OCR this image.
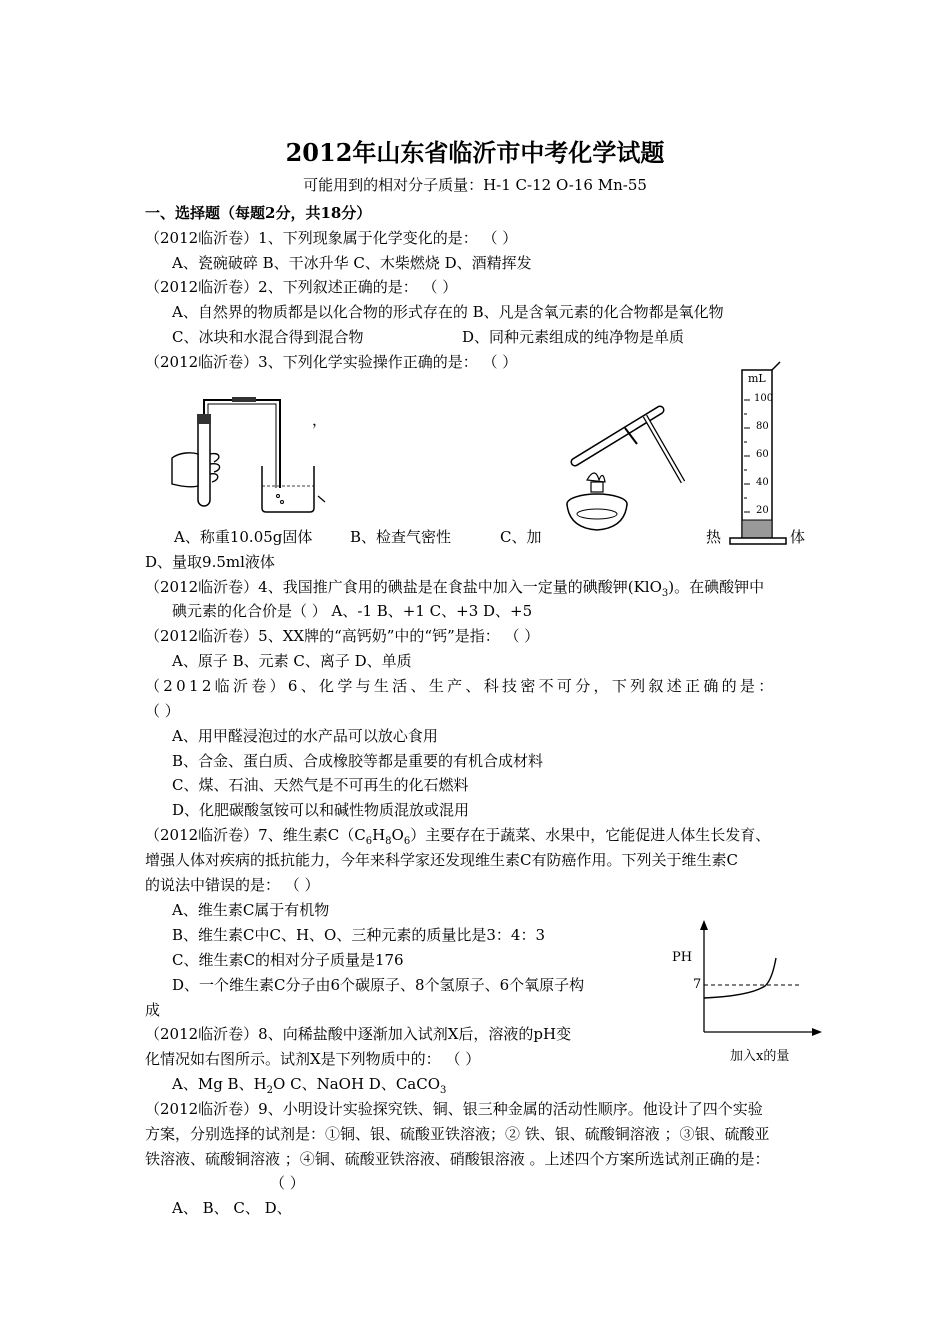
2012年山东省临沂市中考化学试题
可能用到的相对分子质量：H-1 C-12 O-16 Mn-55
一、选择题（每题2分，共18分）
（2012临沂卷）1、下列现象属于化学变化的是： （ ）
A、瓷碗破碎 B、干冰升华 C、木柴燃烧 D、酒精挥发
（2012临沂卷）2、下列叙述正确的是： （ ）
A、自然界的物质都是以化合物的形式存在的 B、凡是含氧元素的化合物都是氧化物
C、冰块和水混合得到混合物	D、同种元素组成的纯净物是单质
（2012临沂卷）3、下列化学实验操作正确的是： （ ）
，
mL
100
80
60
40
20
A、称重10.05g固体	B、检查气密性	C、加	热	体
D、量取9.5ml液体
（2012临沂卷）4、我国推广食用的碘盐是在食盐中加入一定量的碘酸钾(KlO$_3$)。在碘酸钾中
碘元素的化合价是（ ） A、-1 B、+1 C、+3 D、+5
（2012临沂卷）5、XX牌的“高钙奶”中的“钙”是指： （ ）
A、原子 B、元素 C、离子 D、单质
（2012临沂卷）6、化学与生活、生产、科技密不可分，下列叙述正确的是：
（ ）
A、用甲醛浸泡过的水产品可以放心食用
B、合金、蛋白质、合成橡胶等都是重要的有机合成材料
C、煤、石油、天然气是不可再生的化石燃料
D、化肥碳酸氢铵可以和碱性物质混放或混用
（2012临沂卷）7、维生素$C(C_6H_8O_6)$主要存在于蔬菜、水果中，它能促进人体生长发育、
增强人体对疾病的抵抗能力，今年来科学家还发现维生素C有防癌作用。下列关于维生素C
的说法中错误的是： （ ）
A、维生素C属于有机物
B、维生素C中C、H、O、三种元素的质量比是3：4：3
C、维生素C的相对分子质量是176
D、一个维生素C分子由6个碳原子、8个氢原子、6个氧原子构
成
PH
7
加入x的量
（2012临沂卷）8、向稀盐酸中逐渐加入试剂X后，溶液的pH变
化情况如右图所示。试剂X是下列物质中的： （ ）
A、Mg B、$H_2O$ C、NaOH D、CaCO$_3$
（2012临沂卷）9、小明设计实验探究铁、铜、银三种金属的活动性顺序。他设计了四个实验
方案，分别选择的试剂是：①铜、银、硫酸亚铁溶液；② 铁、银、硫酸铜溶液 ；③银、硫酸亚
铁溶液、硫酸铜溶液 ；④铜、硫酸亚铁溶液、硝酸银溶液 。上述四个方案所选试剂正确的是：
（ ）
A、 B、 C、 D、
